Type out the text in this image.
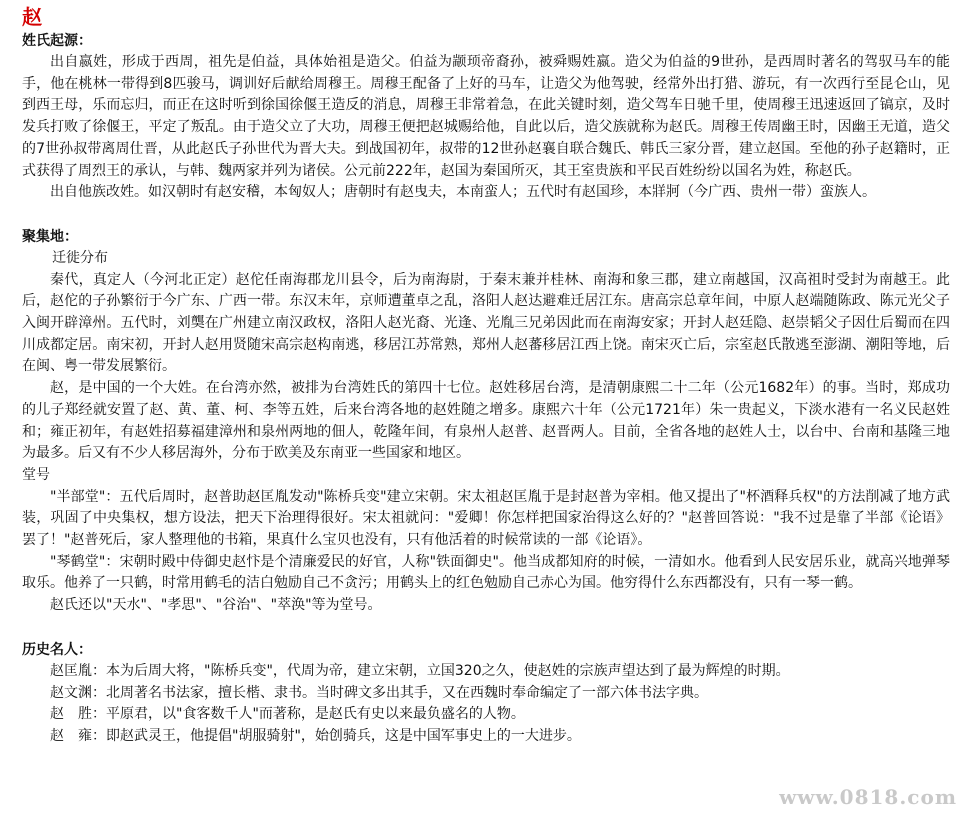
赵
姓氏起源：

出自嬴姓，形成于西周，祖先是伯益，具体始祖是造父。伯益为颛顼帝裔孙，被舜赐姓嬴。造父为伯益的9世孙，是西周时著名的驾驭马车的能手，他在桃林一带得到8匹骏马，调训好后献给周穆王。周穆王配备了上好的马车，让造父为他驾驶，经常外出打猎、游玩，有一次西行至昆仑山，见到西王母，乐而忘归，而正在这时听到徐国徐偃王造反的消息，周穆王非常着急，在此关键时刻，造父驾车日驰千里，使周穆王迅速返回了镐京，及时发兵打败了徐偃王，平定了叛乱。由于造父立了大功，周穆王便把赵城赐给他，自此以后，造父族就称为赵氏。周穆王传周幽王时，因幽王无道，造父的7世孙叔带离周仕晋，从此赵氏子孙世代为晋大夫。到战国初年，叔带的12世孙赵襄自联合魏氏、韩氏三家分晋，建立赵国。至他的孙子赵籍时，正式获得了周烈王的承认，与韩、魏两家并列为诸侯。公元前222年，赵国为秦国所灭，其王室贵族和平民百姓纷纷以国名为姓，称赵氏。

出自他族改姓。如汉朝时有赵安稽，本匈奴人；唐朝时有赵曳夫，本南蛮人；五代时有赵国珍，本牂牁（今广西、贵州一带）蛮族人。

聚集地：

迁徙分布

秦代，真定人（今河北正定）赵佗任南海郡龙川县令，后为南海尉，于秦末兼并桂林、南海和象三郡，建立南越国，汉高祖时受封为南越王。此后，赵佗的子孙繁衍于今广东、广西一带。东汉末年，京师遭董卓之乱，洛阳人赵达避难迁居江东。唐高宗总章年间，中原人赵端随陈政、陈元光父子入闽开辟漳州。五代时，刘龑在广州建立南汉政权，洛阳人赵光裔、光逢、光胤三兄弟因此而在南海安家；开封人赵廷隐、赵崇韬父子因仕后蜀而在四川成都定居。南宋初，开封人赵用贤随宋高宗赵构南逃，移居江苏常熟，郑州人赵蕃移居江西上饶。南宋灭亡后，宗室赵氏散逃至澎湖、潮阳等地，后在闽、粤一带发展繁衍。

赵，是中国的一个大姓。在台湾亦然，被排为台湾姓氏的第四十七位。赵姓移居台湾，是清朝康熙二十二年（公元1682年）的事。当时，郑成功的儿子郑经就安置了赵、黄、董、柯、李等五姓，后来台湾各地的赵姓随之增多。康熙六十年（公元1721年）朱一贵起义，下淡水港有一名义民赵姓和；雍正初年，有赵姓招募福建漳州和泉州两地的佃人，乾隆年间，有泉州人赵普、赵晋两人。目前，全省各地的赵姓人士，以台中、台南和基隆三地为最多。后又有不少人移居海外，分布于欧美及东南亚一些国家和地区。

堂号

"半部堂"：五代后周时，赵普助赵匡胤发动"陈桥兵变"建立宋朝。宋太祖赵匡胤于是封赵普为宰相。他又提出了"杯酒释兵权"的方法削减了地方武装，巩固了中央集权，想方设法，把天下治理得很好。宋太祖就问："爱卿！你怎样把国家治得这么好的？"赵普回答说："我不过是靠了半部《论语》罢了！"赵普死后，家人整理他的书箱，果真什么宝贝也没有，只有他活着的时候常读的一部《论语》。

"琴鹤堂"：宋朝时殿中侍御史赵忭是个清廉爱民的好官，人称"铁面御史"。他当成都知府的时候，一清如水。他看到人民安居乐业，就高兴地弹琴取乐。他养了一只鹤，时常用鹤毛的洁白勉励自己不贪污；用鹤头上的红色勉励自己赤心为国。他穷得什么东西都没有，只有一琴一鹤。

赵氏还以"天水"、"孝思"、"谷治"、"萃涣"等为堂号。

历史名人：

赵匡胤：本为后周大将，"陈桥兵变"，代周为帝，建立宋朝，立国320之久，使赵姓的宗族声望达到了最为辉煌的时期。

赵文渊：北周著名书法家，擅长楷、隶书。当时碑文多出其手，又在西魏时奉命编定了一部六体书法字典。

赵　胜：平原君，以"食客数千人"而著称，是赵氏有史以来最负盛名的人物。

赵　雍：即赵武灵王，他提倡"胡服骑射"，始创骑兵，这是中国军事史上的一大进步。

www.0818.com
